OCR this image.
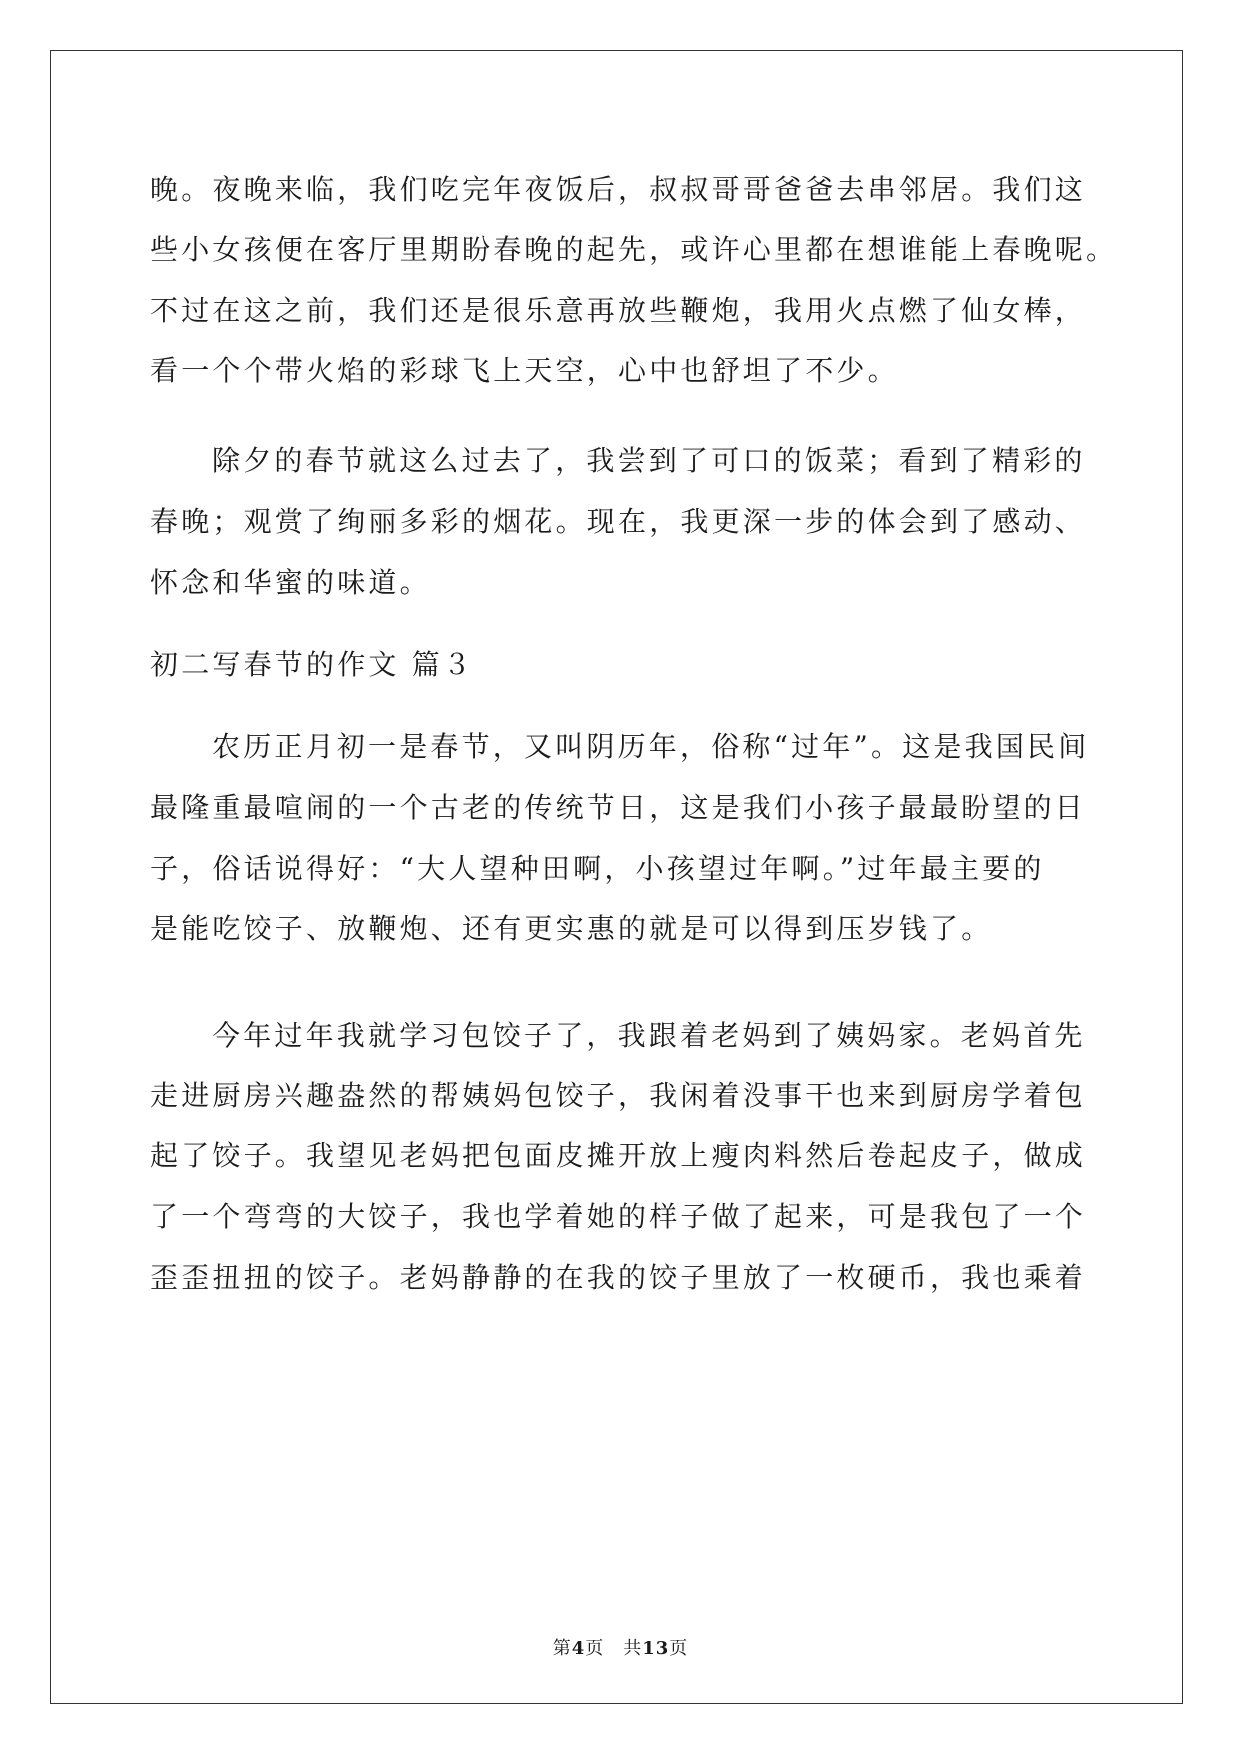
晚。夜晚来临，我们吃完年夜饭后，叔叔哥哥爸爸去串邻居。我们这
些小女孩便在客厅里期盼春晚的起先，或许心里都在想谁能上春晚呢。
不过在这之前，我们还是很乐意再放些鞭炮，我用火点燃了仙女棒，
看一个个带火焰的彩球飞上天空，心中也舒坦了不少。
除夕的春节就这么过去了，我尝到了可口的饭菜；看到了精彩的
春晚；观赏了绚丽多彩的烟花。现在，我更深一步的体会到了感动、
怀念和华蜜的味道。
初二写春节的作文 篇３
农历正月初一是春节，又叫阴历年，俗称“过年”。这是我国民间
最隆重最喧闹的一个古老的传统节日，这是我们小孩子最最盼望的日
子，俗话说得好：“大人望种田啊，小孩望过年啊。”过年最主要的
是能吃饺子、放鞭炮、还有更实惠的就是可以得到压岁钱了。
今年过年我就学习包饺子了，我跟着老妈到了姨妈家。老妈首先
走进厨房兴趣盎然的帮姨妈包饺子，我闲着没事干也来到厨房学着包
起了饺子。我望见老妈把包面皮摊开放上瘦肉料然后卷起皮子，做成
了一个弯弯的大饺子，我也学着她的样子做了起来，可是我包了一个
歪歪扭扭的饺子。老妈静静的在我的饺子里放了一枚硬币，我也乘着
第4页　共13页
